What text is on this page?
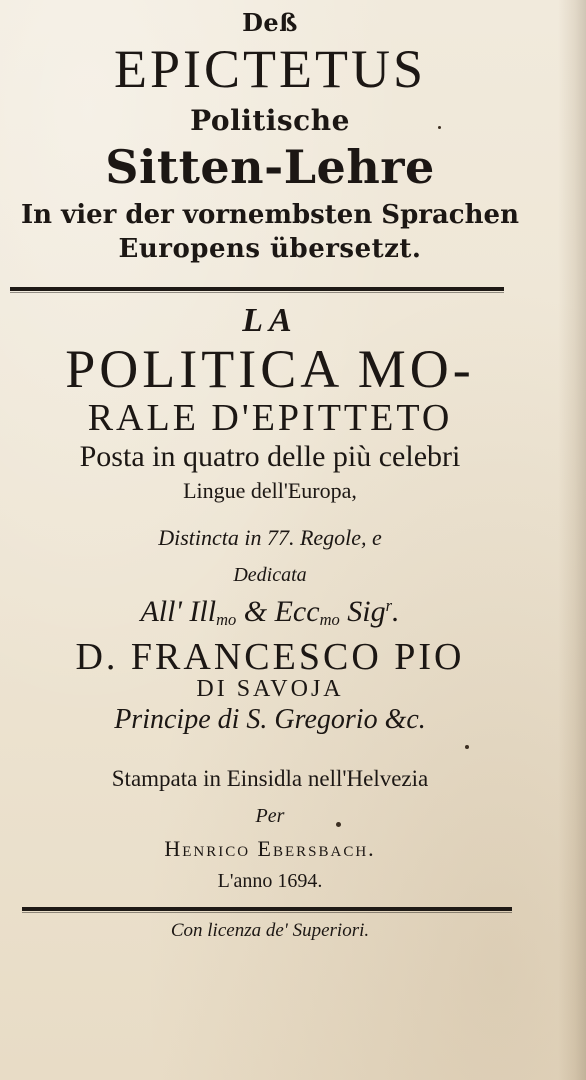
Deß
EPICTETUS
Politische
Sitten-Lehre
In vier der vornembsten Sprachen
Europens übersetzt.
LA
POLITICA MO-
RALE D'EPITTETO
Posta in quatro delle più celebri
Lingue dell'Europa,
Distincta in 77. Regole, e
Dedicata
All' Ill$_{mo}$ & Ecc$_{mo}$ Sig$^r$.
D. FRANCESCO PIO
DI SAVOJA
Principe di S. Gregorio &c.
Stampata in Einsidla nell'Helvezia
Per
Henrico Ebersbach.
L'anno 1694.
Con licenza de' Superiori.
